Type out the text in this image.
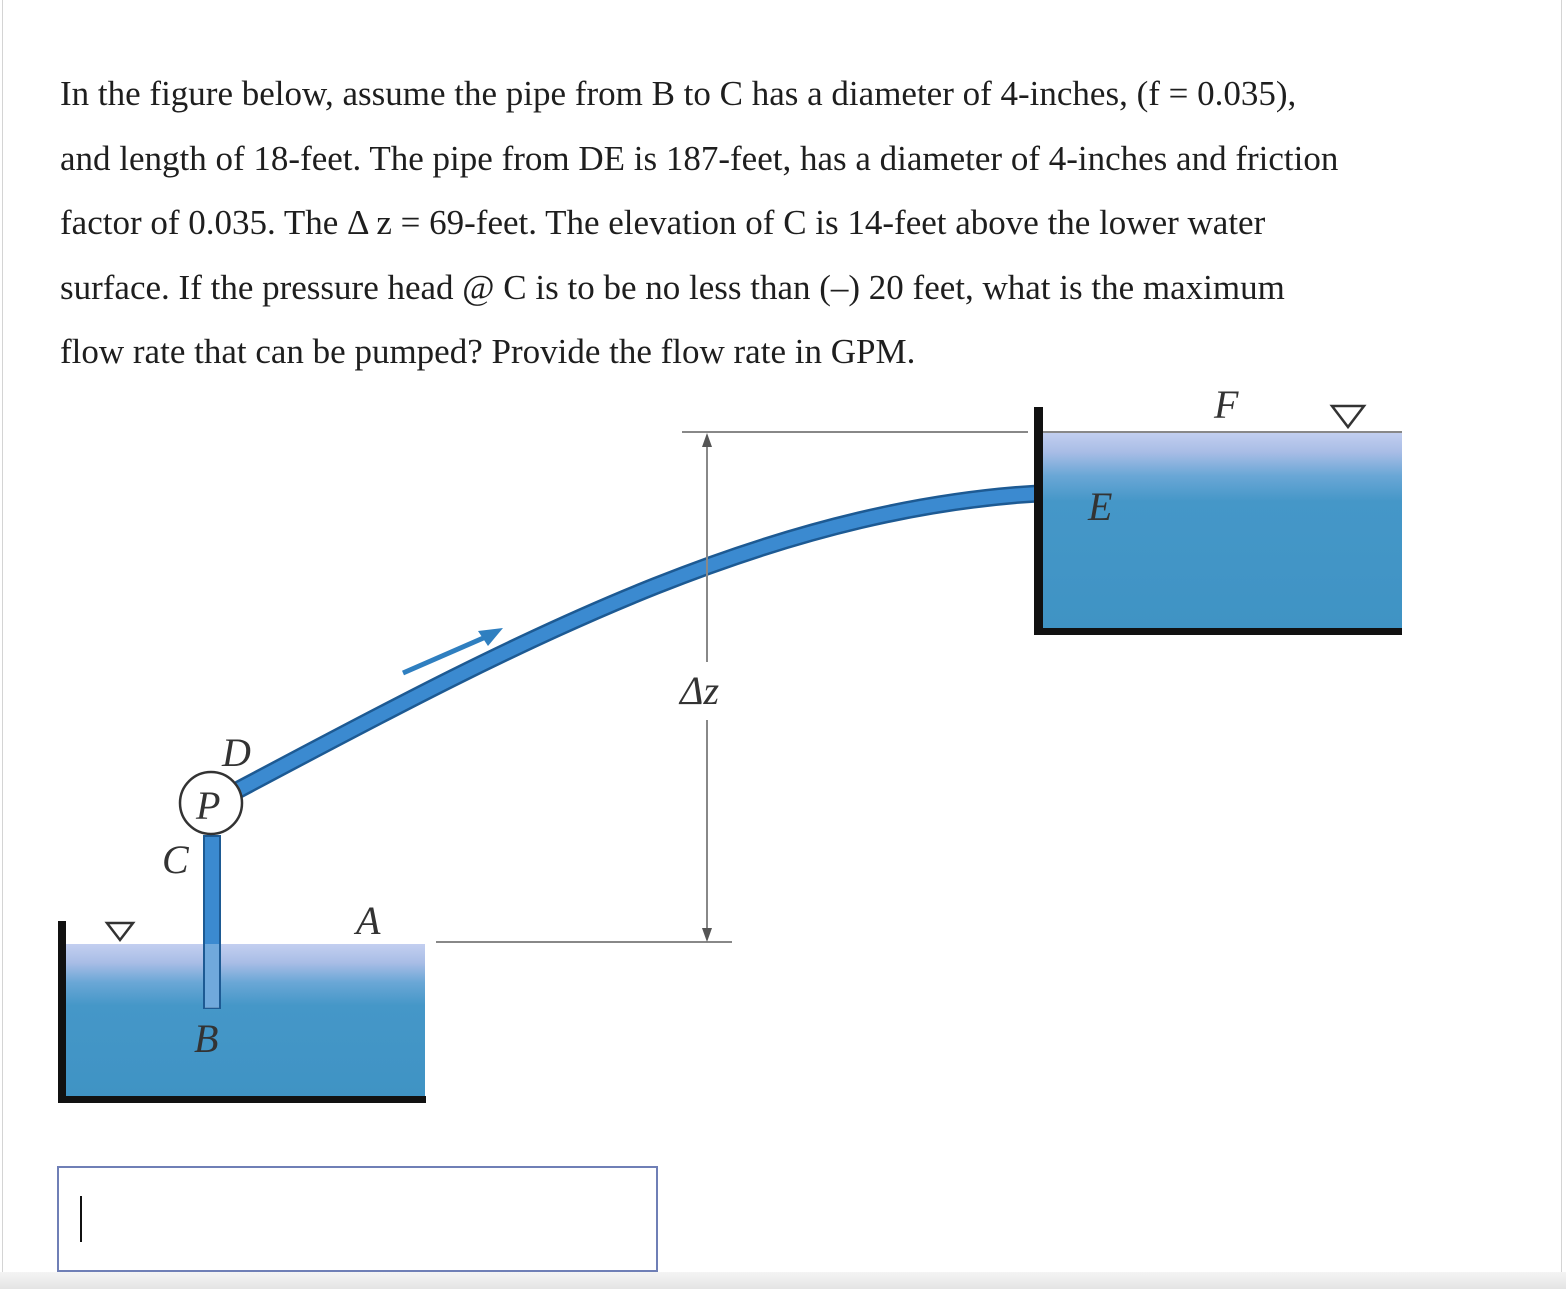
In the figure below, assume the pipe from B to C has a diameter of 4-inches, (f = 0.035),
and length of 18-feet. The pipe from DE is 187-feet, has a diameter of 4-inches and friction
factor of 0.035. The Δ z = 69-feet. The elevation of C is 14-feet above the lower water
surface. If the pressure head @ C is to be no less than (–) 20 feet, what is the maximum
flow rate that can be pumped? Provide the flow rate in GPM.

P
Δz
A
B
C
D
E
F
